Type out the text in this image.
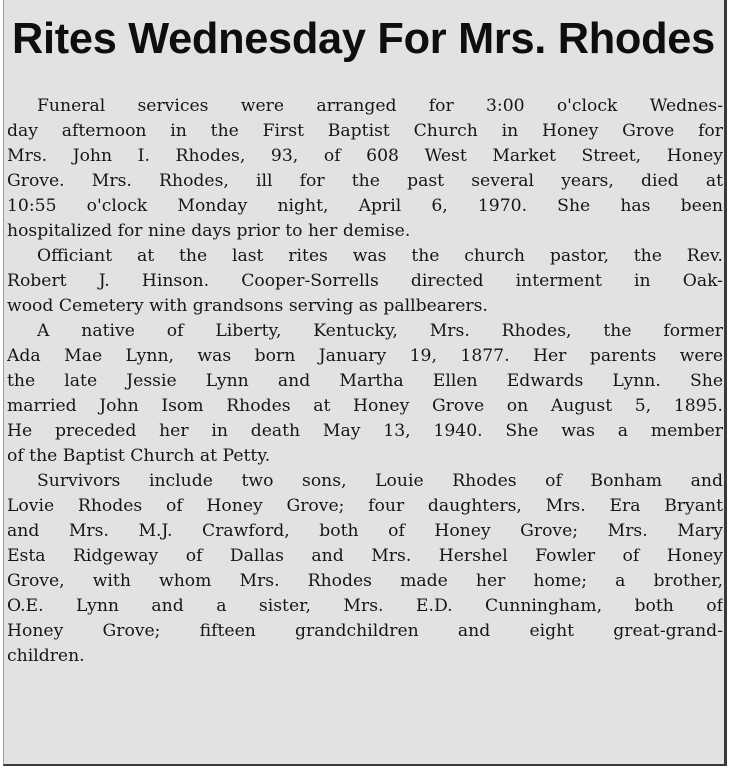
Rites Wednesday For Mrs. Rhodes

Funeral services were arranged for 3:00 o'clock Wednes-
day afternoon in the First Baptist Church in Honey Grove for
Mrs. John I. Rhodes, 93, of 608 West Market Street, Honey
Grove. Mrs. Rhodes, ill for the past several years, died at
10:55 o'clock Monday night, April 6, 1970. She has been
hospitalized for nine days prior to her demise.

Officiant at the last rites was the church pastor, the Rev.
Robert J. Hinson. Cooper-Sorrells directed interment in Oak-
wood Cemetery with grandsons serving as pallbearers.

A native of Liberty, Kentucky, Mrs. Rhodes, the former
Ada Mae Lynn, was born January 19, 1877. Her parents were
the late Jessie Lynn and Martha Ellen Edwards Lynn. She
married John Isom Rhodes at Honey Grove on August 5, 1895.
He preceded her in death May 13, 1940. She was a member
of the Baptist Church at Petty.

Survivors include two sons, Louie Rhodes of Bonham and
Lovie Rhodes of Honey Grove; four daughters, Mrs. Era Bryant
and Mrs. M.J. Crawford, both of Honey Grove; Mrs. Mary
Esta Ridgeway of Dallas and Mrs. Hershel Fowler of Honey
Grove, with whom Mrs. Rhodes made her home; a brother,
O.E. Lynn and a sister, Mrs. E.D. Cunningham, both of
Honey Grove; fifteen grandchildren and eight great-grand-
children.
